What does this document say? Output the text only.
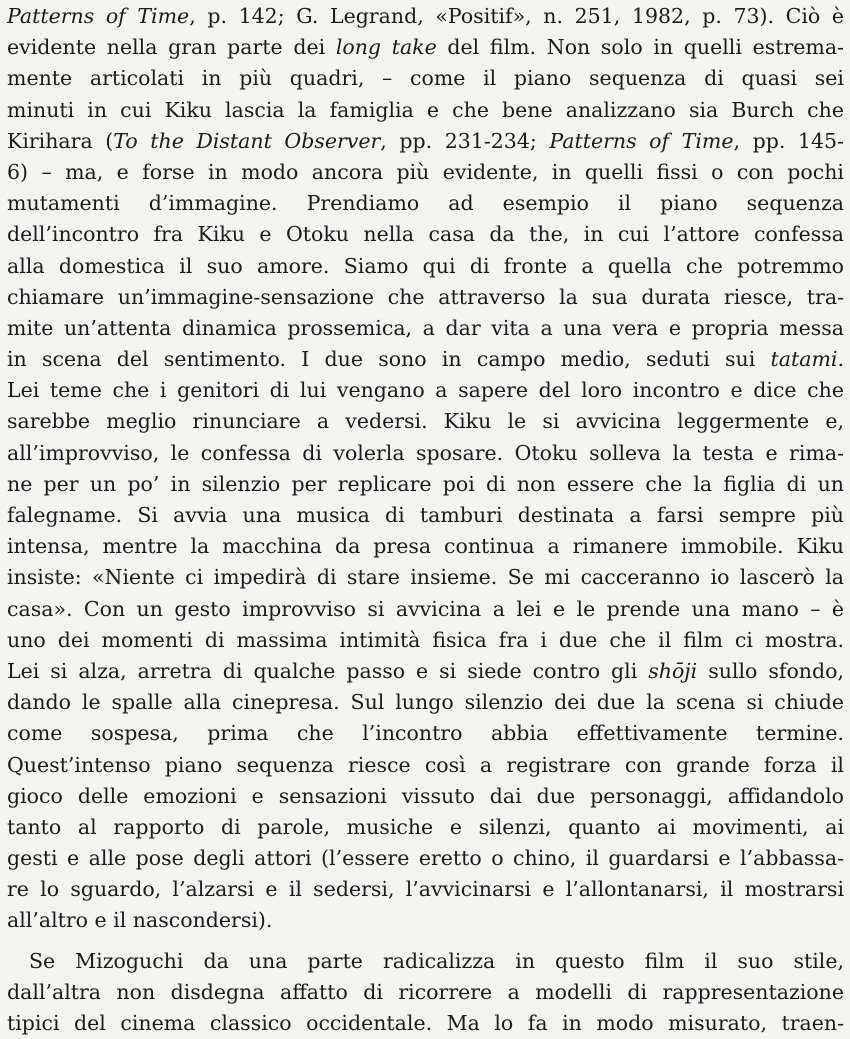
Patterns of Time, p. 142; G. Legrand, «Positif», n. 251, 1982, p. 73). Ciò è
evidente nella gran parte dei long take del film. Non solo in quelli estrema-
mente articolati in più quadri, – come il piano sequenza di quasi sei
minuti in cui Kiku lascia la famiglia e che bene analizzano sia Burch che
Kirihara (To the Distant Observer, pp. 231-234; Patterns of Time, pp. 145-
6) – ma, e forse in modo ancora più evidente, in quelli fissi o con pochi
mutamenti d’immagine. Prendiamo ad esempio il piano sequenza
dell’incontro fra Kiku e Otoku nella casa da the, in cui l’attore confessa
alla domestica il suo amore. Siamo qui di fronte a quella che potremmo
chiamare un’immagine-sensazione che attraverso la sua durata riesce, tra-
mite un’attenta dinamica prossemica, a dar vita a una vera e propria messa
in scena del sentimento. I due sono in campo medio, seduti sui tatami.
Lei teme che i genitori di lui vengano a sapere del loro incontro e dice che
sarebbe meglio rinunciare a vedersi. Kiku le si avvicina leggermente e,
all’improvviso, le confessa di volerla sposare. Otoku solleva la testa e rima-
ne per un po’ in silenzio per replicare poi di non essere che la figlia di un
falegname. Si avvia una musica di tamburi destinata a farsi sempre più
intensa, mentre la macchina da presa continua a rimanere immobile. Kiku
insiste: «Niente ci impedirà di stare insieme. Se mi cacceranno io lascerò la
casa». Con un gesto improvviso si avvicina a lei e le prende una mano – è
uno dei momenti di massima intimità fisica fra i due che il film ci mostra.
Lei si alza, arretra di qualche passo e si siede contro gli shōji sullo sfondo,
dando le spalle alla cinepresa. Sul lungo silenzio dei due la scena si chiude
come sospesa, prima che l’incontro abbia effettivamente termine.
Quest’intenso piano sequenza riesce così a registrare con grande forza il
gioco delle emozioni e sensazioni vissuto dai due personaggi, affidandolo
tanto al rapporto di parole, musiche e silenzi, quanto ai movimenti, ai
gesti e alle pose degli attori (l’essere eretto o chino, il guardarsi e l’abbassa-
re lo sguardo, l’alzarsi e il sedersi, l’avvicinarsi e l’allontanarsi, il mostrarsi
all’altro e il nascondersi).
Se Mizoguchi da una parte radicalizza in questo film il suo stile,
dall’altra non disdegna affatto di ricorrere a modelli di rappresentazione
tipici del cinema classico occidentale. Ma lo fa in modo misurato, traen-
